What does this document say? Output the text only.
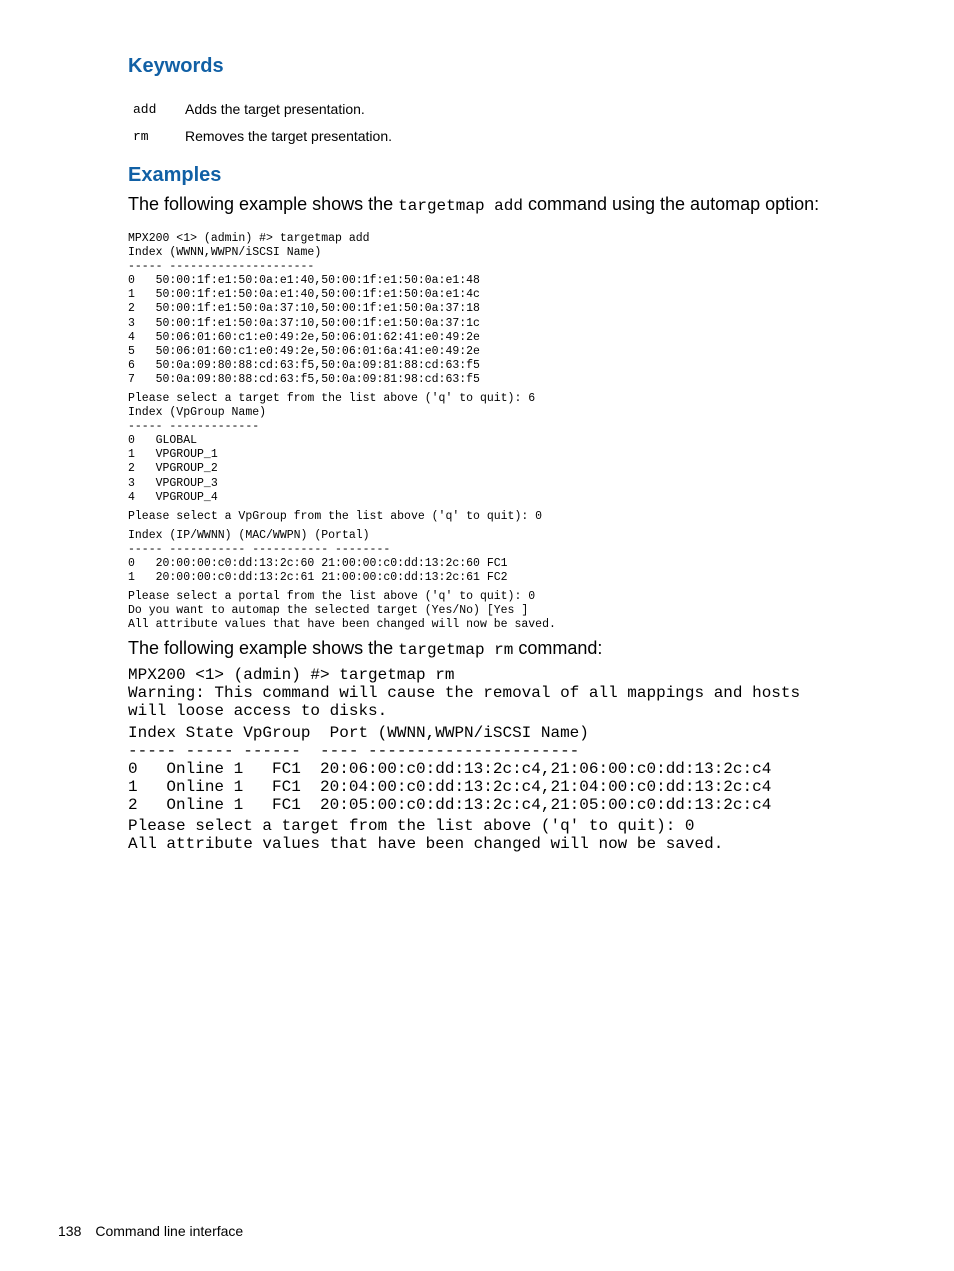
Keywords
add Adds the target presentation.
rm	Removes the target presentation.
Examples

The following example shows the targetmap add command using the automap option:

MPX200 <1> (admin) #> targetmap add
Index (WWNN,WWPN/iSCSI Name)
----- ---------------------
0   50:00:1f:e1:50:0a:e1:40,50:00:1f:e1:50:0a:e1:48
1   50:00:1f:e1:50:0a:e1:40,50:00:1f:e1:50:0a:e1:4c
2   50:00:1f:e1:50:0a:37:10,50:00:1f:e1:50:0a:37:18
3   50:00:1f:e1:50:0a:37:10,50:00:1f:e1:50:0a:37:1c
4   50:06:01:60:c1:e0:49:2e,50:06:01:62:41:e0:49:2e
5   50:06:01:60:c1:e0:49:2e,50:06:01:6a:41:e0:49:2e
6   50:0a:09:80:88:cd:63:f5,50:0a:09:81:88:cd:63:f5
7   50:0a:09:80:88:cd:63:f5,50:0a:09:81:98:cd:63:f5

Please select a target from the list above ('q' to quit): 6
Index (VpGroup Name)
----- -------------
0   GLOBAL
1   VPGROUP_1
2   VPGROUP_2
3   VPGROUP_3
4   VPGROUP_4

Please select a VpGroup from the list above ('q' to quit): 0

Index (IP/WWNN) (MAC/WWPN) (Portal)
----- ----------- ----------- --------
0   20:00:00:c0:dd:13:2c:60 21:00:00:c0:dd:13:2c:60 FC1
1   20:00:00:c0:dd:13:2c:61 21:00:00:c0:dd:13:2c:61 FC2

Please select a portal from the list above ('q' to quit): 0
Do you want to automap the selected target (Yes/No) [Yes ]
All attribute values that have been changed will now be saved.

The following example shows the targetmap rm command:

MPX200 <1> (admin) #> targetmap rm
Warning: This command will cause the removal of all mappings and hosts
will loose access to disks.

Index State VpGroup  Port (WWNN,WWPN/iSCSI Name)
----- ----- ------  ---- ----------------------
0   Online 1   FC1  20:06:00:c0:dd:13:2c:c4,21:06:00:c0:dd:13:2c:c4
1   Online 1   FC1  20:04:00:c0:dd:13:2c:c4,21:04:00:c0:dd:13:2c:c4
2   Online 1   FC1  20:05:00:c0:dd:13:2c:c4,21:05:00:c0:dd:13:2c:c4

Please select a target from the list above ('q' to quit): 0
All attribute values that have been changed will now be saved.

138 Command line interface
